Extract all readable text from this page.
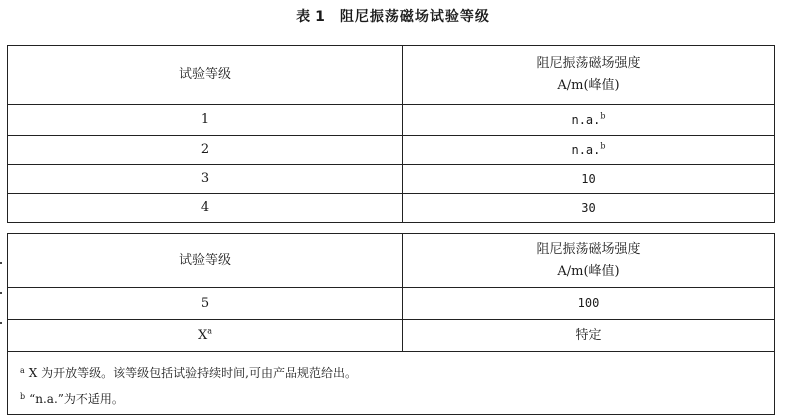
表 1 阻尼振荡磁场试验等级
试验等级	阻尼振荡磁场强度
A/m(峰值)

1	n.a.$^b$
2	n.a.$^b$
3	10
4	30
试验等级	阻尼振荡磁场强度
A/m(峰值)

5	100
$X^a$	特定

$^a$ X 为开放等级。该等级包括试验持续时间,可由产品规范给出。
$^b$ “n.a.”为不适用。	
